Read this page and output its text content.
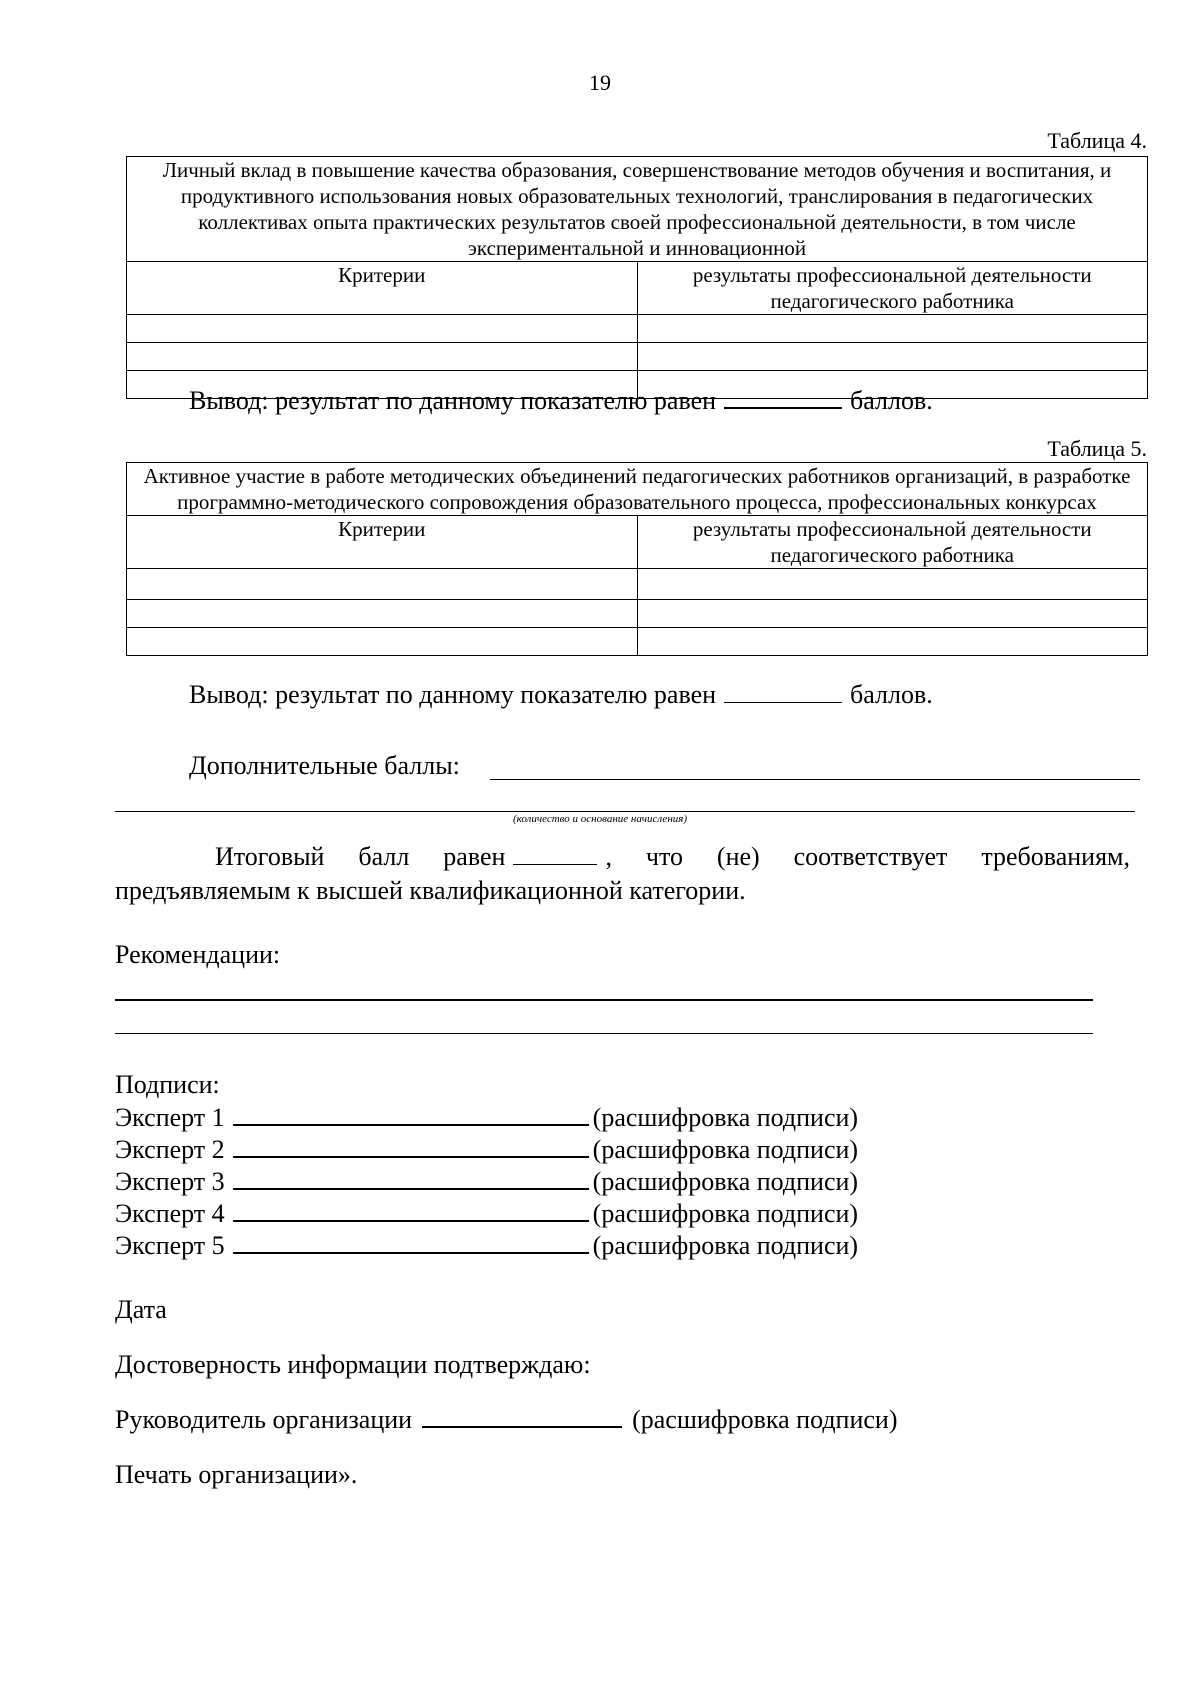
19
Таблица 4.
Личный вклад в повышение качества образования, совершенствование методов обучения и воспитания, и продуктивного использования новых образовательных технологий, транслирования в педагогических коллективах опыта практических результатов своей профессиональной деятельности, в том числе экспериментальной и инновационной	
Критерии	результаты профессиональной деятельности педагогического работника

Вывод: результат по данному показателю равен	баллов.
Таблица 5.
Активное участие в работе методических объединений педагогических работников организаций, в разработке программно-методического сопровождения образовательного процесса, профессиональных конкурсах	
Критерии	результаты профессиональной деятельности педагогического работника

Вывод: результат по данному показателю равен	баллов.
Дополнительные баллы:
(количество и основание начисления)
Итоговый балл равен	, что (не) соответствует требованиям, предъявляемым к высшей квалификационной категории.
Рекомендации:
Подписи:
Эксперт 1	(расшифровка подписи)
Эксперт 2	(расшифровка подписи)
Эксперт 3	(расшифровка подписи)
Эксперт 4	(расшифровка подписи)
Эксперт 5	(расшифровка подписи)
Дата
Достоверность информации подтверждаю:
Руководитель организации	(расшифровка подписи)
Печать организации».
